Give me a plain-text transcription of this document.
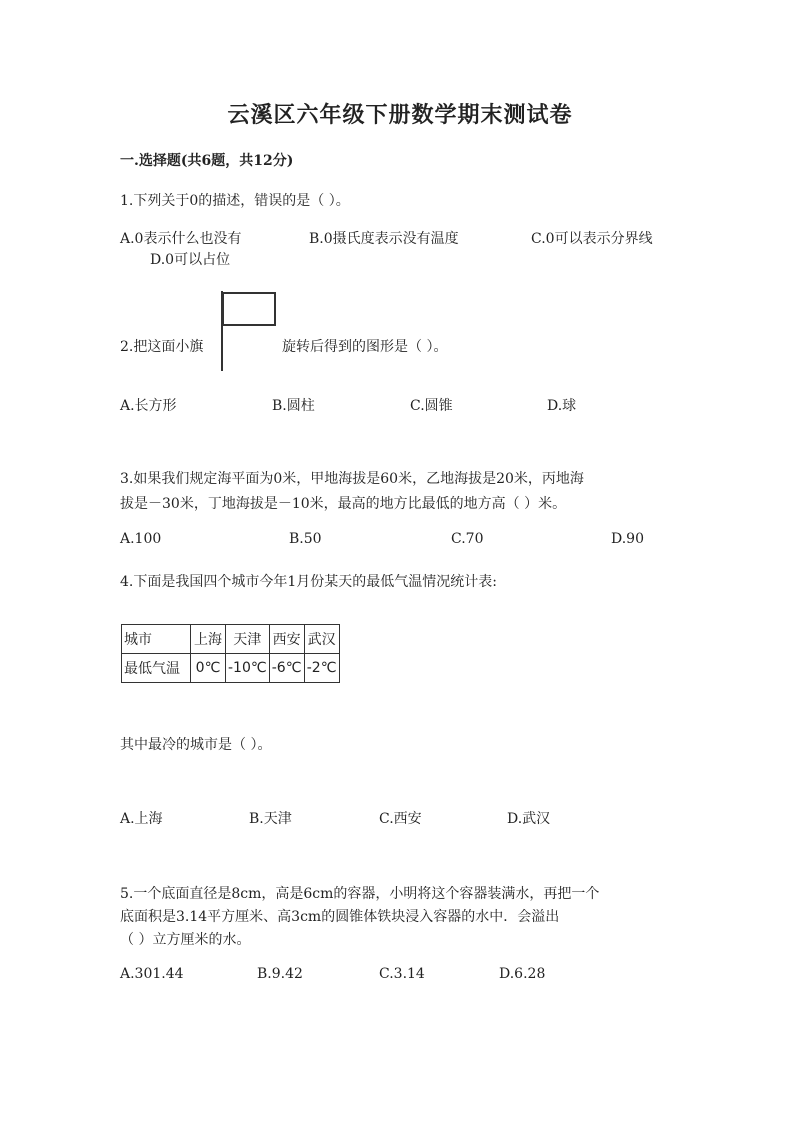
云溪区六年级下册数学期末测试卷
一.选择题(共6题，共12分)
1.下列关于0的描述，错误的是（ ）。
A.0表示什么也没有	B.0摄氏度表示没有温度	C.0可以表示分界线
D.0可以占位
2.把这面小旗	旋转后得到的图形是（ ）。
A.长方形	B.圆柱	C.圆锥	D.球
3.如果我们规定海平面为0米，甲地海拔是60米，乙地海拔是20米，丙地海
拔是－30米，丁地海拔是－10米，最高的地方比最低的地方高（ ）米。
A.100	B.50	C.70	D.90
4.下面是我国四个城市今年1月份某天的最低气温情况统计表:
城市	上海	天津	西安	武汉
最低气温	0℃	-10℃	-6℃	-2℃
其中最冷的城市是（ ）。
A.上海	B.天津	C.西安	D.武汉
5.一个底面直径是8cm，高是6cm的容器，小明将这个容器装满水，再把一个
底面积是3.14平方厘米、高3cm的圆锥体铁块浸入容器的水中．会溢出
（ ）立方厘米的水。
A.301.44	B.9.42	C.3.14	D.6.28
